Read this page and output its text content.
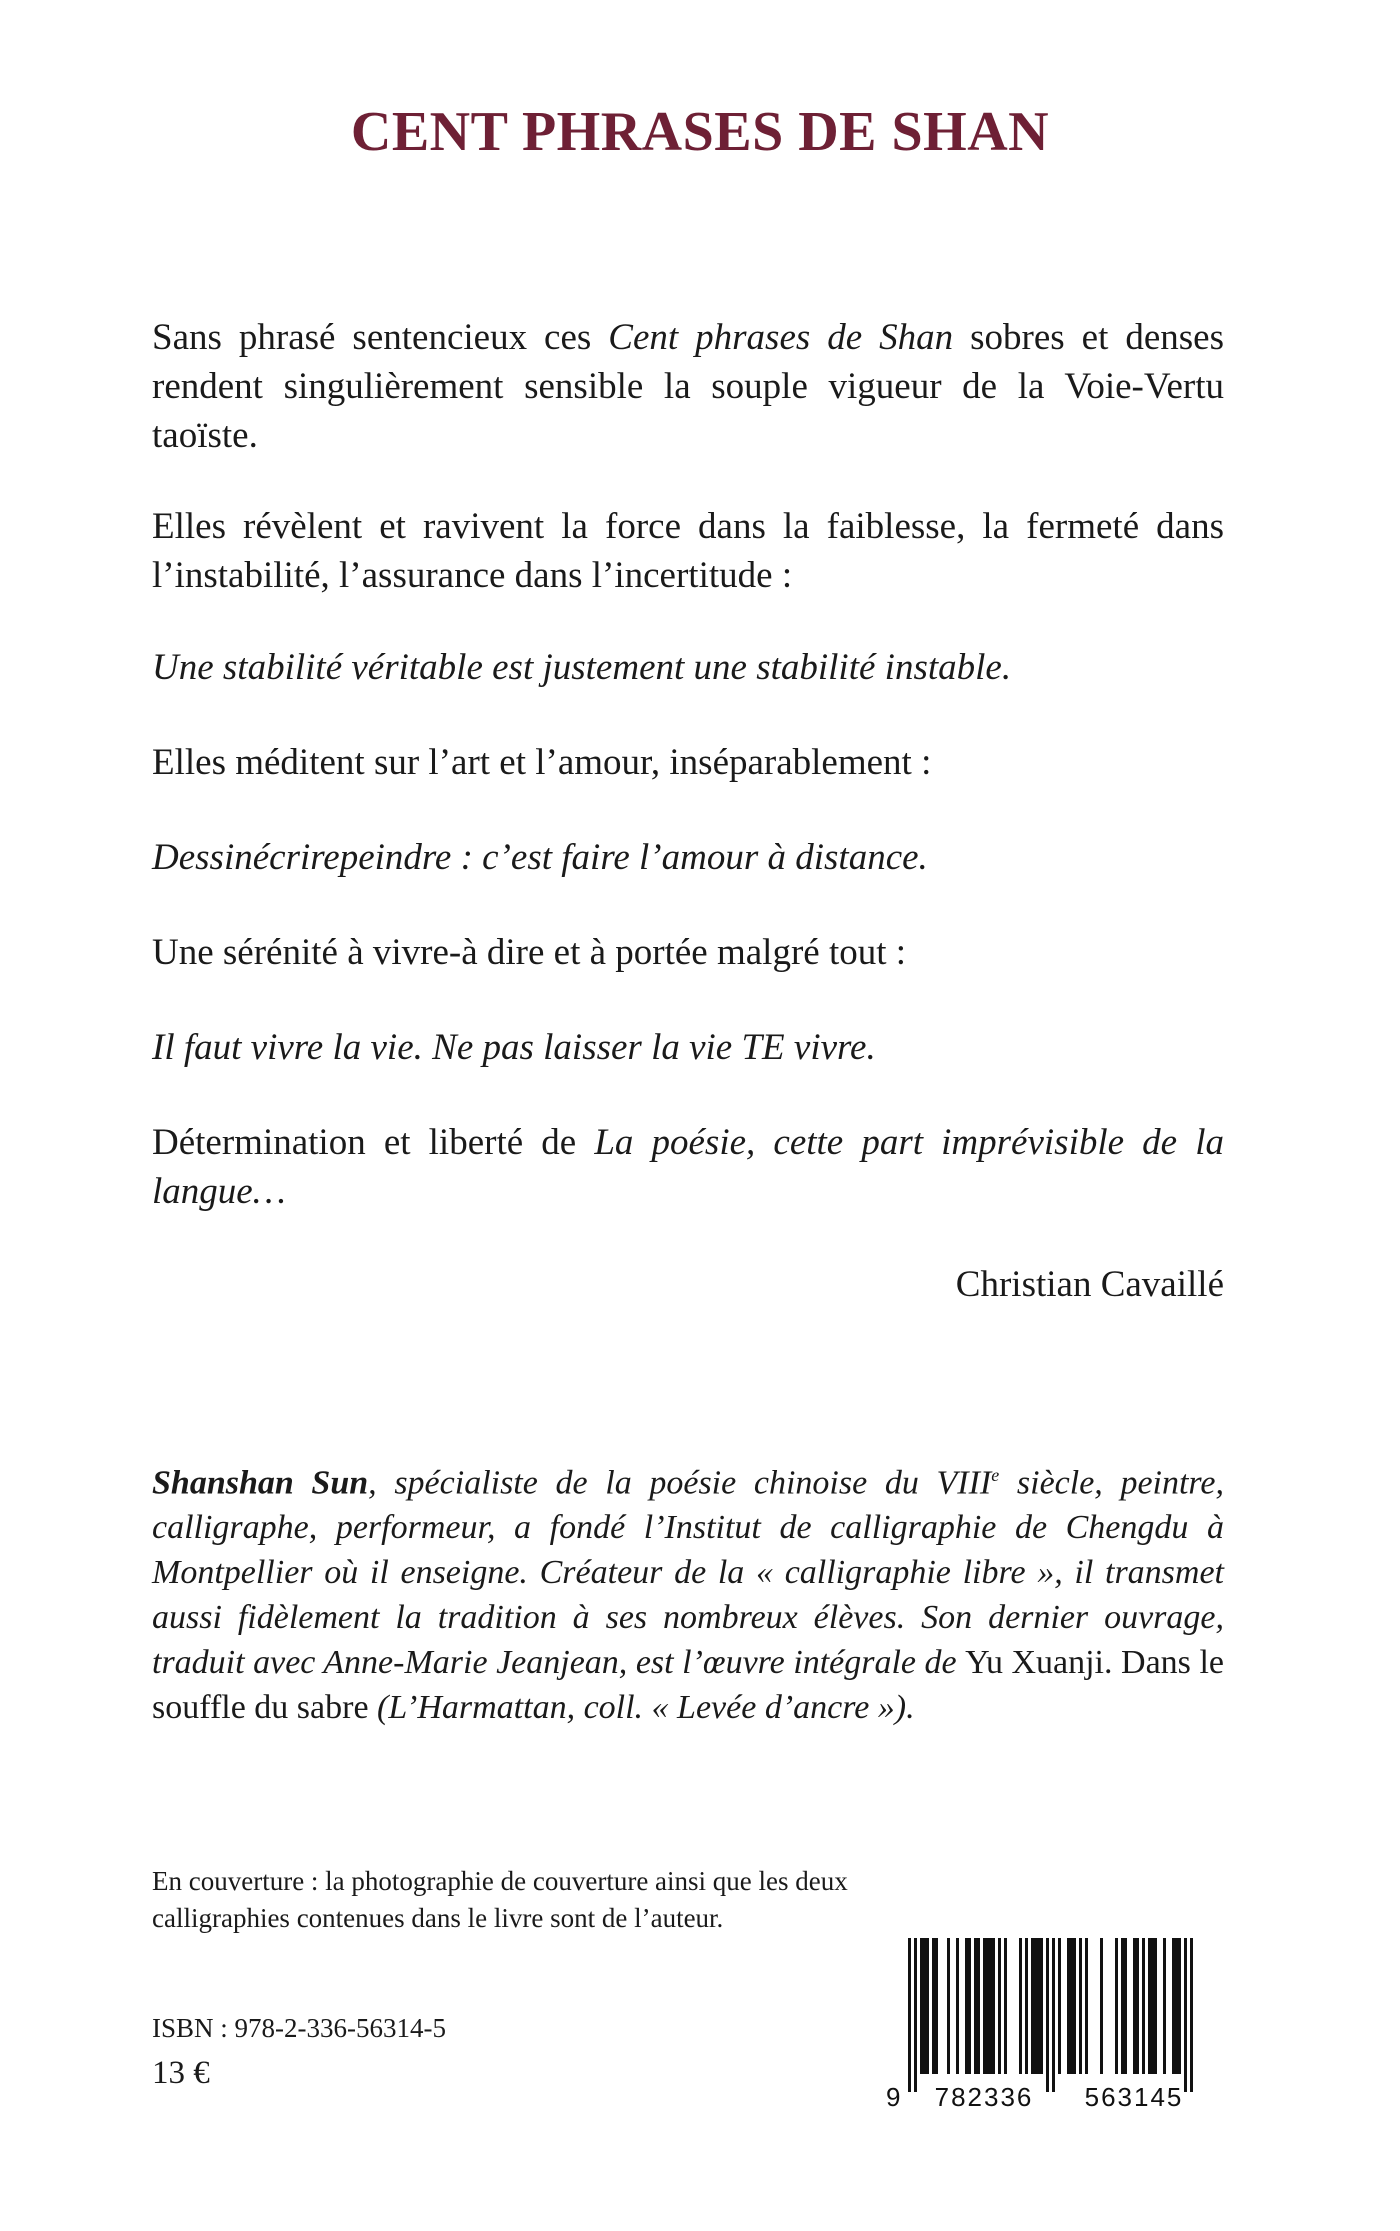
CENT PHRASES DE SHAN

Sans phrasé sentencieux ces Cent phrases de Shan sobres et denses rendent singulièrement sensible la souple vigueur de la Voie-Vertu taoïste.

Elles révèlent et ravivent la force dans la faiblesse, la fermeté dans l’instabilité, l’assurance dans l’incertitude :

Une stabilité véritable est justement une stabilité instable.

Elles méditent sur l’art et l’amour, inséparablement :

Dessinécrirepeindre : c’est faire l’amour à distance.

Une sérénité à vivre-à dire et à portée malgré tout :

Il faut vivre la vie. Ne pas laisser la vie TE vivre.

Détermination et liberté de La poésie, cette part imprévisible de la langue…

Christian Cavaillé

Shanshan Sun, spécialiste de la poésie chinoise du VIIIe siècle, peintre, calligraphe, performeur, a fondé l’Institut de calligraphie de Chengdu à Montpellier où il enseigne. Créateur de la « calligraphie libre », il transmet aussi fidèlement la tradition à ses nombreux élèves. Son dernier ouvrage, traduit avec Anne-Marie Jeanjean, est l’œuvre intégrale de Yu Xuanji. Dans le souffle du sabre (L’Harmattan, coll. « Levée d’ancre »).

En couverture : la photographie de couverture ainsi que les deux calligraphies contenues dans le livre sont de l’auteur.

ISBN : 978-2-336-56314-5

13 €

9 782336 563145
